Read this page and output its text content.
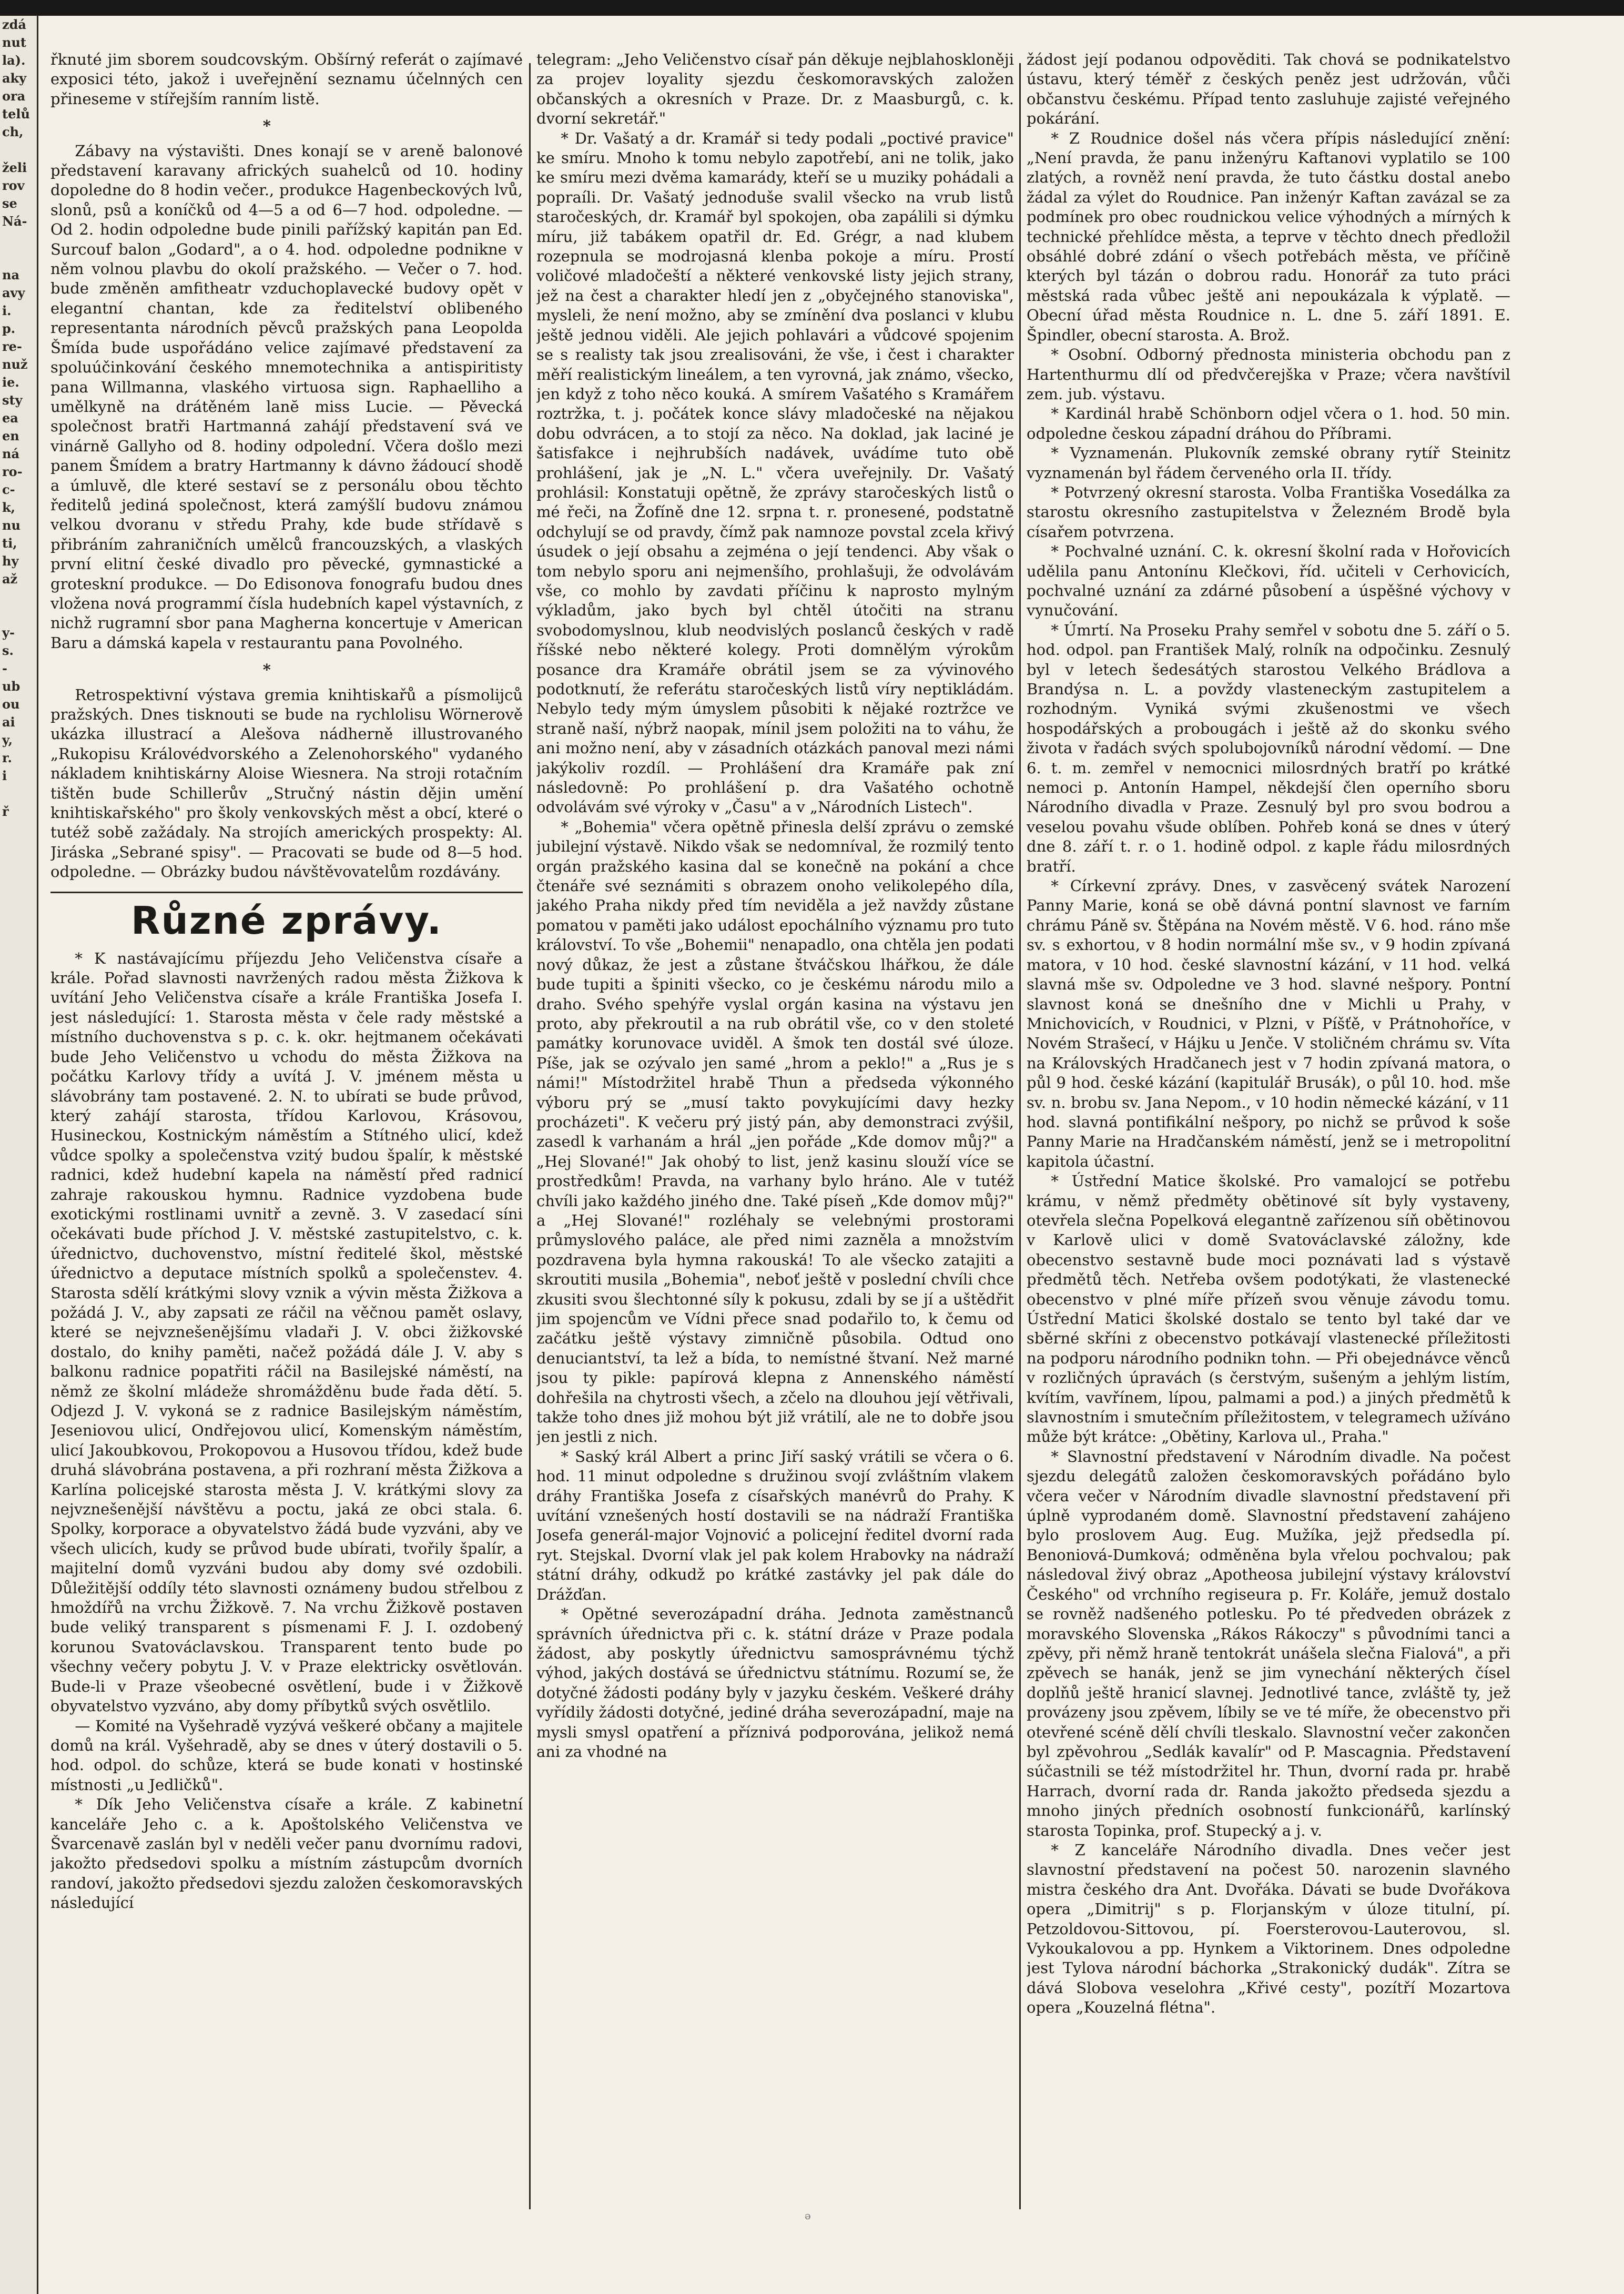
zdá
nut
la).
aky
ora
telů
ch,

želi
rov
se
Ná-

na
avy
i.
p.
re-
nuž
ie.
sty
ea
en
ná
ro-
c-
k,
nu
ti,
hy
až

y-
s.
-
ub
ou
ai
y,
r.
i

ř

řknuté jim sborem soudcovským. Obšírný referát o zajímavé exposici této, jakož i uveřejnění seznamu účelnných cen přineseme v stířejším ranním listě.

*

Zábavy na výstavišti. Dnes konají se v areně balonové představení karavany afrických suahelců od 10. hodiny dopoledne do 8 hodin večer., produkce Hagenbeckových lvů, slonů, psů a koníčků od 4—5 a od 6—7 hod. odpoledne. — Od 2. hodin odpoledne bude pinili pařížský kapitán pan Ed. Surcouf balon „Godard", a o 4. hod. odpoledne podnikne v něm volnou plavbu do okolí pražského. — Večer o 7. hod. bude změněn amfitheatr vzduchoplavecké budovy opět v elegantní chantan, kde za ředitelství oblibeného representanta národních pěvců pražských pana Leopolda Šmída bude uspořádáno velice zajímavé představení za spoluúčinkování českého mnemotechnika a antispiritisty pana Willmanna, vlaského virtuosa sign. Raphaelliho a umělkyně na drátěném lanĕ miss Lucie. — Pěvecká společnost bratři Hartmanná zahájí představení svá ve vinárně Gallyho od 8. hodiny odpolední. Včera došlo mezi panem Šmídem a bratry Hartmanny k dávno žádoucí shodě a úmluvě, dle které sestaví se z personálu obou těchto ředitelů jediná společnost, která zamýšlí budovu známou velkou dvoranu v středu Prahy, kde bude střídavě s přibráním zahraničních umělců francouzských, a vlaských první elitní české divadlo pro pěvecké, gymnastické a groteskní produkce. — Do Edisonova fonografu budou dnes vložena nová programmí čísla hudebních kapel výstavních, z nichž rugramní sbor pana Magherna koncertuje v American Baru a dámská kapela v restaurantu pana Povolného.

*

Retrospektivní výstava gremia knihtiskařů a písmolijců pražských. Dnes tisknouti se bude na rychlolisu Wörnerově ukázka illustrací a Alešova nádherně illustrovaného „Rukopisu Královédvorského a Zelenohorského" vydaného nákladem knihtiskárny Aloise Wiesnera. Na stroji rotačním tištěn bude Schillerův „Stručný nástin dějin umění knihtiskařského" pro školy venkovských měst a obcí, které o tutéž sobě zažádaly. Na strojích amerických prospekty: Al. Jiráska „Sebrané spisy". — Pracovati se bude od 8—5 hod. odpoledne. — Obrázky budou návštěvovatelům rozdávány.

Různé zprávy.

* K nastávajícímu příjezdu Jeho Veličenstva císaře a krále. Pořad slavnosti navržených radou města Žižkova k uvítání Jeho Veličenstva císaře a krále Františka Josefa I. jest následující: 1. Starosta města v čele rady městské a místního duchovenstva s p. c. k. okr. hejtmanem očekávati bude Jeho Veličenstvo u vchodu do města Žižkova na počátku Karlovy třídy a uvítá J. V. jménem města u slávobrány tam postavené. 2. N. to ubírati se bude průvod, který zahájí starosta, třídou Karlovou, Krásovou, Husineckou, Kostnickým náměstím a Stítného ulicí, kdež vůdce spolky a společenstva vzitý budou špalír, k městské radnici, kdež hudební kapela na náměstí před radnicí zahraje rakouskou hymnu. Radnice vyzdobena bude exotickými rostlinami uvnitř a zevně. 3. V zasedací síni očekávati bude příchod J. V. městské zastupitelstvo, c. k. úřednictvo, duchovenstvo, místní ředitelé škol, městské úřednictvo a deputace místních spolků a společenstev. 4. Starosta sdělí krátkými slovy vznik a vývin města Žižkova a požádá J. V., aby zapsati ze ráčil na věčnou pamět oslavy, které se nejvznešenějšímu vladaři J. V. obci žižkovské dostalo, do knihy paměti, načež požádá dále J. V. aby s balkonu radnice popatřiti ráčil na Basilejské náměstí, na němž ze školní mládeže shromážděnu bude řada dětí. 5. Odjezd J. V. vykoná se z radnice Basilejským náměstím, Jeseniovou ulicí, Ondřejovou ulicí, Komenským náměstím, ulicí Jakoubkovou, Prokopovou a Husovou třídou, kdež bude druhá slávobrána postavena, a při rozhraní města Žižkova a Karlína policejské starosta města J. V. krátkými slovy za nejvznešenější návštěvu a poctu, jaká ze obci stala. 6. Spolky, korporace a obyvatelstvo žádá bude vyzváni, aby ve všech ulicích, kudy se průvod bude ubírati, tvořily špalír, a majitelní domů vyzváni budou aby domy své ozdobili. Důležitější oddíly této slavnosti oznámeny budou střelbou z hmoždířů na vrchu Žižkově. 7. Na vrchu Žižkově postaven bude veliký transparent s písmenami F. J. I. ozdobený korunou Svatováclavskou. Transparent tento bude po všechny večery pobytu J. V. v Praze elektricky osvětlován. Bude-li v Praze všeobecné osvětlení, bude i v Žižkově obyvatelstvo vyzváno, aby domy příbytků svých osvětlilo.

— Komité na Vyšehradě vyzývá veškeré občany a majitele domů na král. Vyšehradě, aby se dnes v úterý dostavili o 5. hod. odpol. do schůze, která se bude konati v hostinské místnosti „u Jedličků".

* Dík Jeho Veličenstva císaře a krále. Z kabinetní kanceláře Jeho c. a k. Apoštolského Veličenstva ve Švarcenavě zaslán byl v neděli večer panu dvornímu radovi, jakožto předsedovi spolku a místním zástupcům dvorních randoví, jakožto předsedovi sjezdu založen českomoravských následující

telegram: „Jeho Veličenstvo císař pán děkuje nejblahoskloněji za projev loyality sjezdu českomoravských založen občanských a okresních v Praze. Dr. z Maasburgů, c. k. dvorní sekretář."

* Dr. Vašatý a dr. Kramář si tedy podali „poctivé pravice" ke smíru. Mnoho k tomu nebylo zapotřebí, ani ne tolik, jako ke smíru mezi dvěma kamarády, kteří se u muziky pohádali a popraíli. Dr. Vašatý jednoduše svalil všecko na vrub listů staročeských, dr. Kramář byl spokojen, oba zapálili si dýmku míru, již tabákem opatřil dr. Ed. Grégr, a nad klubem rozepnula se modrojasná klenba pokoje a míru. Prostí voličové mladočeští a některé venkovské listy jejich strany, jež na čest a charakter hledí jen z „obyčejného stanoviska", mysleli, že není možno, aby se zmínění dva poslanci v klubu ještě jednou viděli. Ale jejich pohlavári a vůdcové spojenim se s realisty tak jsou zrealisováni, že vše, i čest i charakter měří realistickým lineálem, a ten vyrovná, jak známo, všecko, jen když z toho něco kouká. A smírem Vašatého s Kramářem roztržka, t. j. počátek konce slávy mladočeské na nějakou dobu odvrácen, a to stojí za něco. Na doklad, jak laciné je šatisfakce i nejhrubších nadávek, uvádíme tuto obě prohlášení, jak je „N. L." včera uveřejnily. Dr. Vašatý prohlásil: Konstatuji opětně, že zprávy staročeských listů o mé řeči, na Žofíně dne 12. srpna t. r. pronesené, podstatně odchylují se od pravdy, čímž pak namnoze povstal zcela křivý úsudek o její obsahu a zejména o její tendenci. Aby však o tom nebylo sporu ani nejmenšího, prohlašuji, že odvolávám vše, co mohlo by zavdati příčinu k naprosto mylným výkladům, jako bych byl chtěl útočiti na stranu svobodomyslnou, klub neodvislých poslanců českých v radě říšské nebo některé kolegy. Proti domnělým výrokům posance dra Kramáře obrátil jsem se za vývinového podotknutí, že referátu staročeských listů víry neptikládám. Nebylo tedy mým úmyslem působiti k nějaké roztržce ve straně naší, nýbrž naopak, mínil jsem položiti na to váhu, že ani možno není, aby v zásadních otázkách panoval mezi námi jakýkoliv rozdíl. — Prohlášení dra Kramáře pak zní následovně: Po prohlášení p. dra Vašatého ochotně odvolávám své výroky v „Času" a v „Národních Listech".

* „Bohemia" včera opětně přinesla delší zprávu o zemské jubilejní výstavě. Nikdo však se nedomníval, že rozmilý tento orgán pražského kasina dal se konečně na pokání a chce čtenáře své seznámiti s obrazem onoho velikolepého díla, jakého Praha nikdy před tím neviděla a jež navždy zůstane pomatou v paměti jako událost epochálního významu pro tuto království. To vše „Bohemii" nenapadlo, ona chtěla jen podati nový důkaz, že jest a zůstane štváčskou lhářkou, že dále bude tupiti a špiniti všecko, co je českému národu milo a draho. Svého spehýře vyslal orgán kasina na výstavu jen proto, aby překroutil a na rub obrátil vše, co v den stoleté památky korunovace uviděl. A šmok ten dostál své úloze. Píše, jak se ozývalo jen samé „hrom a peklo!" a „Rus je s námi!" Místodržitel hrabě Thun a předseda výkonného výboru prý se „musí takto povykujícími davy hezky procházeti". K večeru prý jistý pán, aby demonstraci zvýšil, zasedl k varhanám a hrál „jen pořáde „Kde domov můj?" a „Hej Slované!" Jak ohobý to list, jenž kasinu slouží více se prostředkům! Pravda, na varhany bylo hráno. Ale v tutéž chvíli jako každého jiného dne. Také píseň „Kde domov můj?" a „Hej Slované!" rozléhaly se velebnými prostorami průmyslového paláce, ale před nimi zazněla a množstvím pozdravena byla hymna rakouská! To ale všecko zatajiti a skroutiti musila „Bohemia", neboť ještě v poslední chvíli chce zkusiti svou šlechtonné síly k pokusu, zdali by se jí a uštědřit jim spojencům ve Vídni přece snad podařilo to, k čemu od začátku ještě výstavy zimničně působila. Odtud ono denuciantství, ta lež a bída, to nemístné štvaní. Než marné jsou ty pikle: papírová klepna z Annenského náměstí dohřešila na chytrosti všech, a zčelo na dlouhou její větřivali, takže toho dnes již mohou být již vrátilí, ale ne to dobře jsou jen jestli z nich.

* Saský král Albert a princ Jiří saský vrátili se včera o 6. hod. 11 minut odpoledne s družinou svojí zvláštním vlakem dráhy Františka Josefa z císařských manévrů do Prahy. K uvítání vznešených hostí dostavili se na nádraží Františka Josefa generál-major Vojnović a policejní ředitel dvorní rada ryt. Stejskal. Dvorní vlak jel pak kolem Hrabovky na nádraží státní dráhy, odkudž po krátké zastávky jel pak dále do Drážďan.

* Opětné severozápadní dráha. Jednota zaměstnanců správních úřednictva při c. k. státní dráze v Praze podala žádost, aby poskytly úřednictvu samosprávnému týchž výhod, jakých dostává se úřednictvu státnímu. Rozumí se, že dotyčné žádosti podány byly v jazyku českém. Veškeré dráhy vyřídily žádosti dotyčné, jediné dráha severozápadní, maje na mysli smysl opatření a příznivá podporována, jelikož nemá ani za vhodné na

žádost její podanou odpověditi. Tak chová se podnikatelstvo ústavu, který téměř z českých peněz jest udržován, vůči občanstvu českému. Případ tento zasluhuje zajisté veřejného pokárání.

* Z Roudnice došel nás včera přípis následující znění: „Není pravda, že panu inženýru Kaftanovi vyplatilo se 100 zlatých, a rovněž není pravda, že tuto částku dostal anebo žádal za výlet do Roudnice. Pan inženýr Kaftan zavázal se za podmínek pro obec roudnickou velice výhodných a mírných k technické přehlídce města, a teprve v těchto dnech předložil obsáhlé dobré zdání o všech potřebách města, ve příčině kterých byl tázán o dobrou radu. Honorář za tuto práci městská rada vůbec ještě ani nepoukázala k výplatě. — Obecní úřad města Roudnice n. L. dne 5. září 1891. E. Špindler, obecní starosta. A. Brož.

* Osobní. Odborný přednosta ministeria obchodu pan z Hartenthurmu dlí od předvčerejška v Praze; včera navštívil zem. jub. výstavu.

* Kardinál hrabě Schönborn odjel včera o 1. hod. 50 min. odpoledne českou západní dráhou do Příbrami.

* Vyznamenán. Plukovník zemské obrany rytíř Steinitz vyznamenán byl řádem červeného orla II. třídy.

* Potvrzený okresní starosta. Volba Františka Vosedálka za starostu okresního zastupitelstva v Železném Brodě byla císařem potvrzena.

* Pochvalné uznání. C. k. okresní školní rada v Hořovicích udělila panu Antonínu Klečkovi, říd. učiteli v Cerhovicích, pochvalné uznání za zdárné působení a úspěšné výchovy v vynučování.

* Úmrtí. Na Proseku Prahy semřel v sobotu dne 5. září o 5. hod. odpol. pan František Malý, rolník na odpočinku. Zesnulý byl v letech šedesátých starostou Velkého Brádlova a Brandýsa n. L. a povždy vlasteneckým zastupitelem a rozhodným. Vyniká svými zkušenostmi ve všech hospodářských a probougách i ještě až do skonku svého života v řadách svých spolubojovníků národní vědomí. — Dne 6. t. m. zemřel v nemocnici milosrdných bratří po krátké nemoci p. Antonín Hampel, někdejší člen operního sboru Národního divadla v Praze. Zesnulý byl pro svou bodrou a veselou povahu všude oblíben. Pohřeb koná se dnes v úterý dne 8. září t. r. o 1. hodině odpol. z kaple řádu milosrdných bratří.

* Církevní zprávy. Dnes, v zasvěcený svátek Narození Panny Marie, koná se obě dávná pontní slavnost ve farním chrámu Páně sv. Štěpána na Novém městě. V 6. hod. ráno mše sv. s exhortou, v 8 hodin normální mše sv., v 9 hodin zpívaná matora, v 10 hod. české slavnostní kázání, v 11 hod. velká slavná mše sv. Odpoledne ve 3 hod. slavné nešpory. Pontní slavnost koná se dnešního dne v Michli u Prahy, v Mnichovicích, v Roudnici, v Plzni, v Píšťě, v Prátnohoříce, v Novém Strašecí, v Hájku u Jenče. V stoličném chrámu sv. Víta na Královských Hradčanech jest v 7 hodin zpívaná matora, o půl 9 hod. české kázání (kapitulář Brusák), o půl 10. hod. mše sv. n. brobu sv. Jana Nepom., v 10 hodin německé kázání, v 11 hod. slavná pontifikální nešpory, po nichž se průvod k soše Panny Marie na Hradčanském náměstí, jenž se i metropolitní kapitola účastní.

* Ústřední Matice školské. Pro vamalojcí se potřebu krámu, v němž předměty obětinové sít byly vystaveny, otevřela slečna Popelková elegantně zařízenou síň obětinovou v Karlově ulici v domě Svatováclavské záložny, kde obecenstvo sestavně bude moci poznávati lad s výstavě předmětů těch. Netřeba ovšem podotýkati, že vlastenecké obecenstvo v plné míře přízeň svou věnuje závodu tomu. Ústřední Matici školské dostalo se tento byl také dar ve sběrné skříni z obecenstvo potkávají vlastenecké příležitosti na podporu národního podnikn tohn. — Při obejednávce věnců v rozličných úpravách (s čerstvým, sušeným a jehlým listím, kvítím, vavřínem, lípou, palmami a pod.) a jiných předmětů k slavnostním i smutečním příležitostem, v telegramech užíváno může být krátce: „Obětiny, Karlova ul., Praha."

* Slavnostní představení v Národním divadle. Na počest sjezdu delegátů založen českomoravských pořádáno bylo včera večer v Národním divadle slavnostní představení při úplně vyprodaném domě. Slavnostní představení zahájeno bylo proslovem Aug. Eug. Mužíka, jejž předsedla pí. Benoniová-Dumková; odměněna byla vřelou pochvalou; pak následoval živý obraz „Apotheosa jubilejní výstavy království Českého" od vrchního regiseura p. Fr. Koláře, jemuž dostalo se rovněž nadšeného potlesku. Po té předveden obrázek z moravského Slovenska „Rákos Rákoczy" s původními tanci a zpěvy, při němž hraně tentokrát unášela slečna Fialová", a při zpěvech se hanák, jenž se jim vynechání některých čísel doplňů ještě hranicí slavnej. Jednotlivé tance, zvláště ty, jež provázeny jsou zpěvem, líbily se ve té míře, že obecenstvo při otevřené scéně dělí chvíli tleskalo. Slavnostní večer zakončen byl zpěvohrou „Sedlák kavalír" od P. Mascagnia. Představení súčastnili se též místodržitel hr. Thun, dvorní rada pr. hrabě Harrach, dvorní rada dr. Randa jakožto předseda sjezdu a mnoho jiných předních osobností funkcionářů, karlínský starosta Topinka, prof. Stupecký a j. v.

* Z kanceláře Národního divadla. Dnes večer jest slavnostní představení na počest 50. narozenin slavného mistra českého dra Ant. Dvořáka. Dávati se bude Dvořákova opera „Dimitrij" s p. Florjanským v úloze titulní, pí. Petzoldovou-Sittovou, pí. Foersterovou-Lauterovou, sl. Vykoukalovou a pp. Hynkem a Viktorinem. Dnes odpoledne jest Tylova národní báchorka „Strakonický dudák". Zítra se dává Slobova veselohra „Křivé cesty", pozítří Mozartova opera „Kouzelná flétna".

ǝ
